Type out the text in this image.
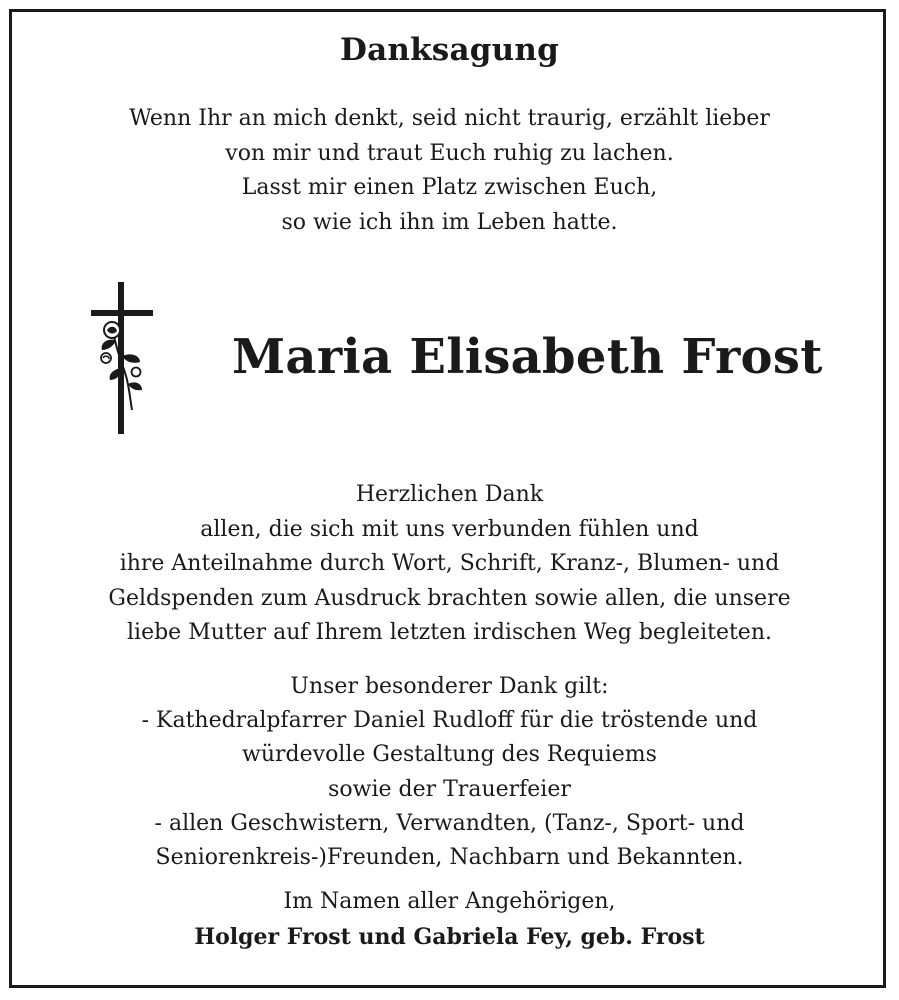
Danksagung
Wenn Ihr an mich denkt, seid nicht traurig, erzählt lieber
von mir und traut Euch ruhig zu lachen.
Lasst mir einen Platz zwischen Euch,
so wie ich ihn im Leben hatte.
Maria Elisabeth Frost
Herzlichen Dank
allen, die sich mit uns verbunden fühlen und
ihre Anteilnahme durch Wort, Schrift, Kranz-, Blumen- und
Geldspenden zum Ausdruck brachten sowie allen, die unsere
liebe Mutter auf Ihrem letzten irdischen Weg begleiteten.
Unser besonderer Dank gilt:
- Kathedralpfarrer Daniel Rudloff für die tröstende und
würdevolle Gestaltung des Requiems
sowie der Trauerfeier
- allen Geschwistern, Verwandten, (Tanz-, Sport- und
Seniorenkreis-)Freunden, Nachbarn und Bekannten.
Im Namen aller Angehörigen,
Holger Frost und Gabriela Fey, geb. Frost
